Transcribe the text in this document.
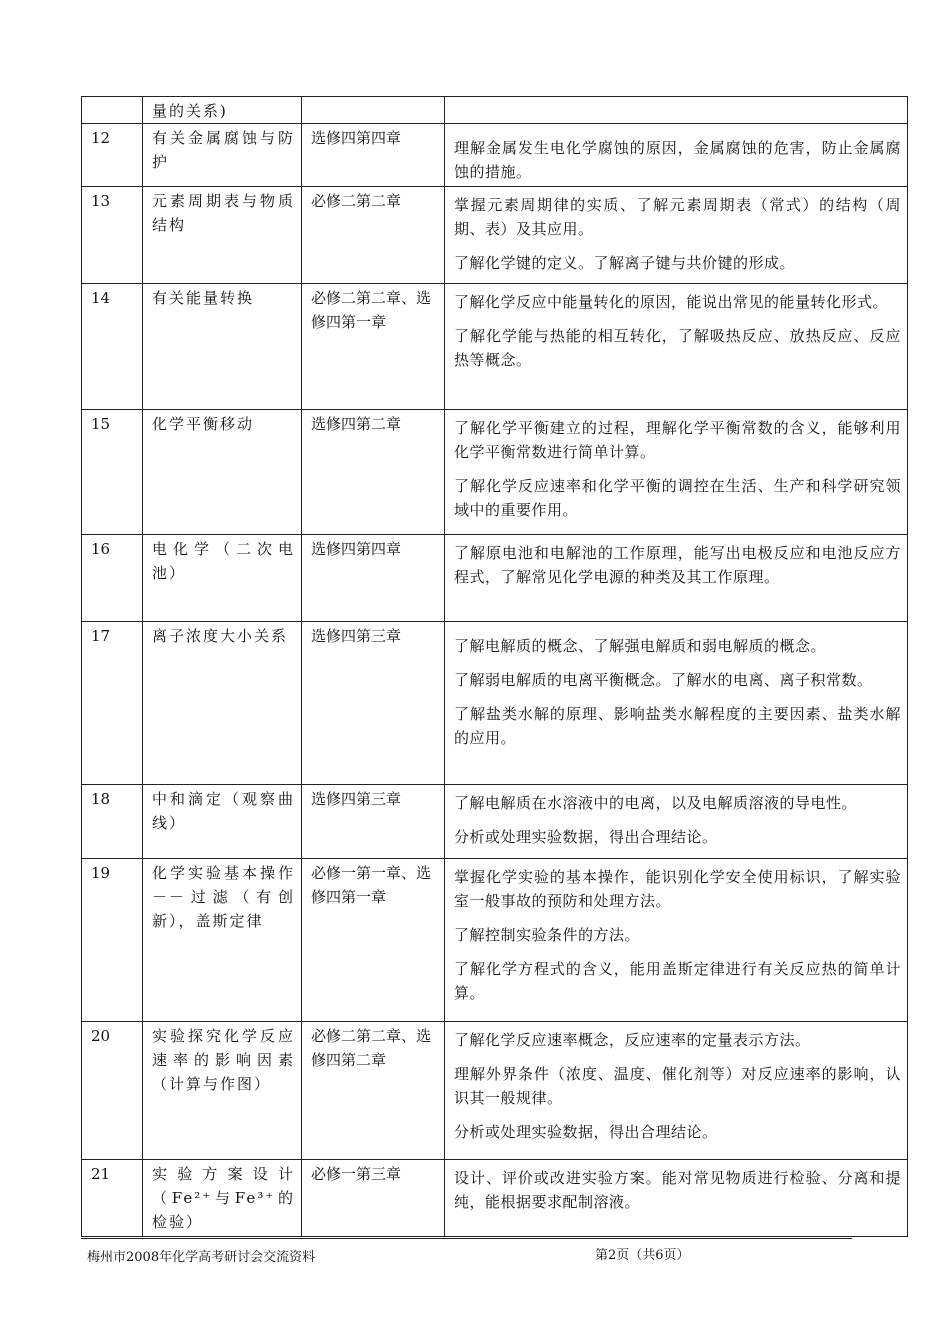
	量的关系)		

12	有关金属腐蚀与防护	选修四第四章	理解金属发生电化学腐蚀的原因，金属腐蚀的危害，防止金属腐蚀的措施。

13	元素周期表与物质结构	必修二第二章	掌握元素周期律的实质、了解元素周期表（常式）的结构（周期、表）及其应用。
了解化学键的定义。了解离子键与共价键的形成。

14	有关能量转换	必修二第二章、选修四第一章	了解化学反应中能量转化的原因，能说出常见的能量转化形式。
了解化学能与热能的相互转化，了解吸热反应、放热反应、反应热等概念。

15	化学平衡移动	选修四第二章	了解化学平衡建立的过程，理解化学平衡常数的含义，能够利用化学平衡常数进行简单计算。
了解化学反应速率和化学平衡的调控在生活、生产和科学研究领域中的重要作用。

16	电化学（二次电池）	选修四第四章	了解原电池和电解池的工作原理，能写出电极反应和电池反应方程式，了解常见化学电源的种类及其工作原理。

17	离子浓度大小关系	选修四第三章	了解电解质的概念、了解强电解质和弱电解质的概念。
了解弱电解质的电离平衡概念。了解水的电离、离子积常数。
了解盐类水解的原理、影响盐类水解程度的主要因素、盐类水解的应用。

18	中和滴定（观察曲线）	选修四第三章	了解电解质在水溶液中的电离，以及电解质溶液的导电性。
分析或处理实验数据，得出合理结论。

19	化学实验基本操作－－过滤（有创新），盖斯定律	必修一第一章、选修四第一章	掌握化学实验的基本操作，能识别化学安全使用标识，了解实验室一般事故的预防和处理方法。
了解控制实验条件的方法。
了解化学方程式的含义，能用盖斯定律进行有关反应热的简单计算。

20	实验探究化学反应速率的影响因素（计算与作图）	必修二第二章、选修四第二章	了解化学反应速率概念，反应速率的定量表示方法。
理解外界条件（浓度、温度、催化剂等）对反应速率的影响，认识其一般规律。
分析或处理实验数据，得出合理结论。

21	实验方案设计（Fe²⁺与Fe³⁺的检验）	必修一第三章	设计、评价或改进实验方案。能对常见物质进行检验、分离和提纯，能根据要求配制溶液。
梅州市2008年化学高考研讨会交流资料	第2页（共6页）
